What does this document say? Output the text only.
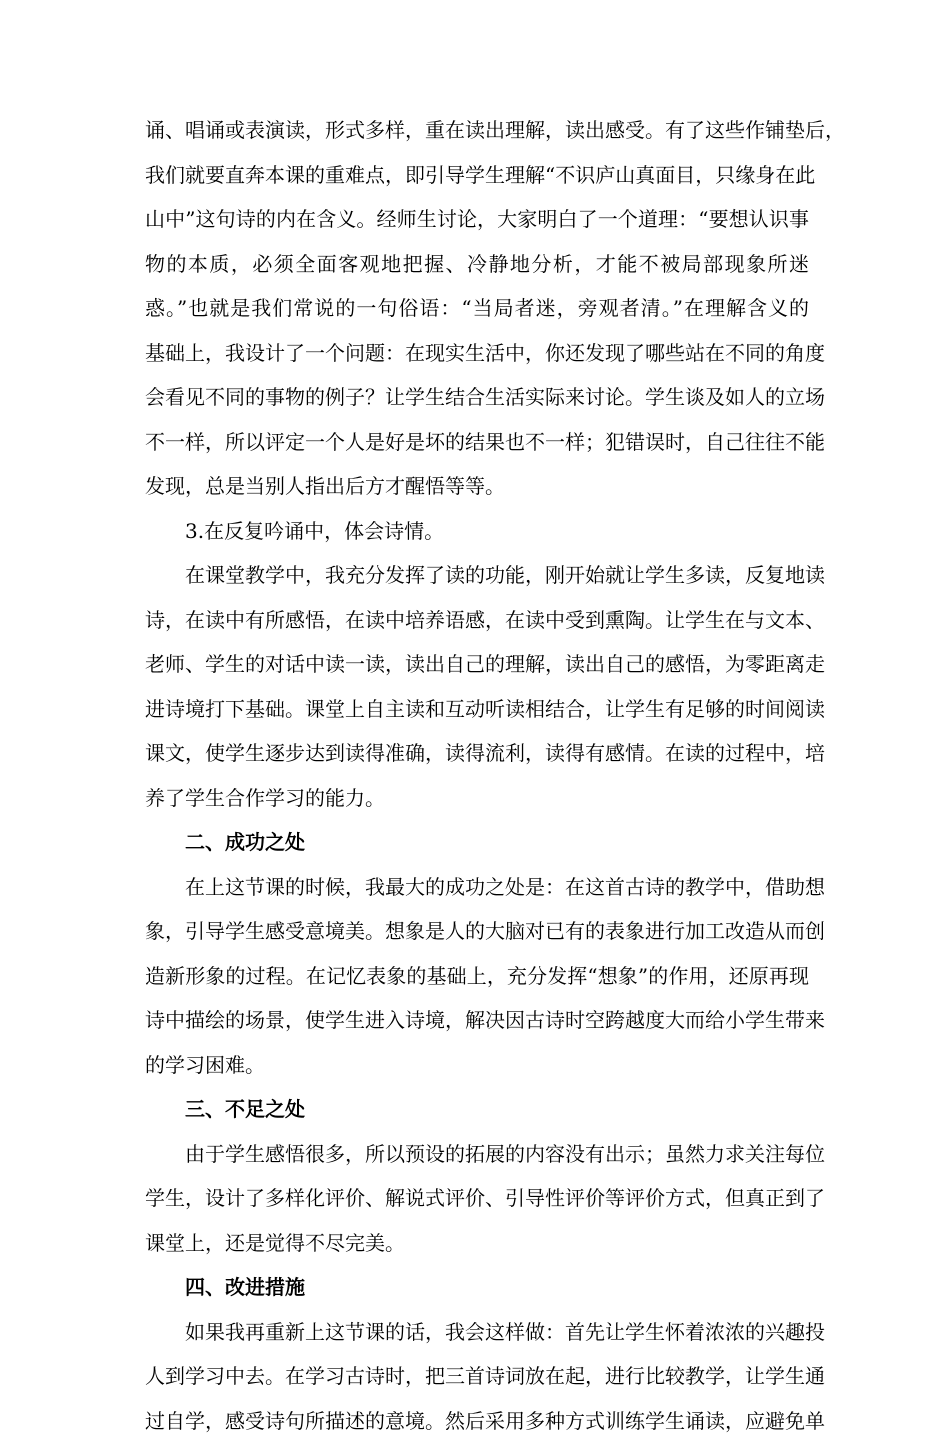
诵、唱诵或表演读，形式多样，重在读出理解，读出感受。有了这些作铺垫后，
我们就要直奔本课的重难点，即引导学生理解“不识庐山真面目，只缘身在此
山中”这句诗的内在含义。经师生讨论，大家明白了一个道理：“要想认识事
物的本质，必须全面客观地把握、冷静地分析，才能不被局部现象所迷
惑。”也就是我们常说的一句俗语：“当局者迷，旁观者清。”在理解含义的
基础上，我设计了一个问题：在现实生活中，你还发现了哪些站在不同的角度
会看见不同的事物的例子？让学生结合生活实际来讨论。学生谈及如人的立场
不一样，所以评定一个人是好是坏的结果也不一样；犯错误时，自己往往不能
发现，总是当别人指出后方才醒悟等等。
3.在反复吟诵中，体会诗情。
在课堂教学中，我充分发挥了读的功能，刚开始就让学生多读，反复地读
诗，在读中有所感悟，在读中培养语感，在读中受到熏陶。让学生在与文本、
老师、学生的对话中读一读，读出自己的理解，读出自己的感悟，为零距离走
进诗境打下基础。课堂上自主读和互动听读相结合，让学生有足够的时间阅读
课文，使学生逐步达到读得准确，读得流利，读得有感情。在读的过程中，培
养了学生合作学习的能力。
二、成功之处
在上这节课的时候，我最大的成功之处是：在这首古诗的教学中，借助想
象，引导学生感受意境美。想象是人的大脑对已有的表象进行加工改造从而创
造新形象的过程。在记忆表象的基础上，充分发挥“想象”的作用，还原再现
诗中描绘的场景，使学生进入诗境，解决因古诗时空跨越度大而给小学生带来
的学习困难。
三、不足之处
由于学生感悟很多，所以预设的拓展的内容没有出示；虽然力求关注每位
学生，设计了多样化评价、解说式评价、引导性评价等评价方式，但真正到了
课堂上，还是觉得不尽完美。
四、改进措施
如果我再重新上这节课的话，我会这样做：首先让学生怀着浓浓的兴趣投
人到学习中去。在学习古诗时，把三首诗词放在起，进行比较教学，让学生通
过自学，感受诗句所描述的意境。然后采用多种方式训练学生诵读，应避免单
